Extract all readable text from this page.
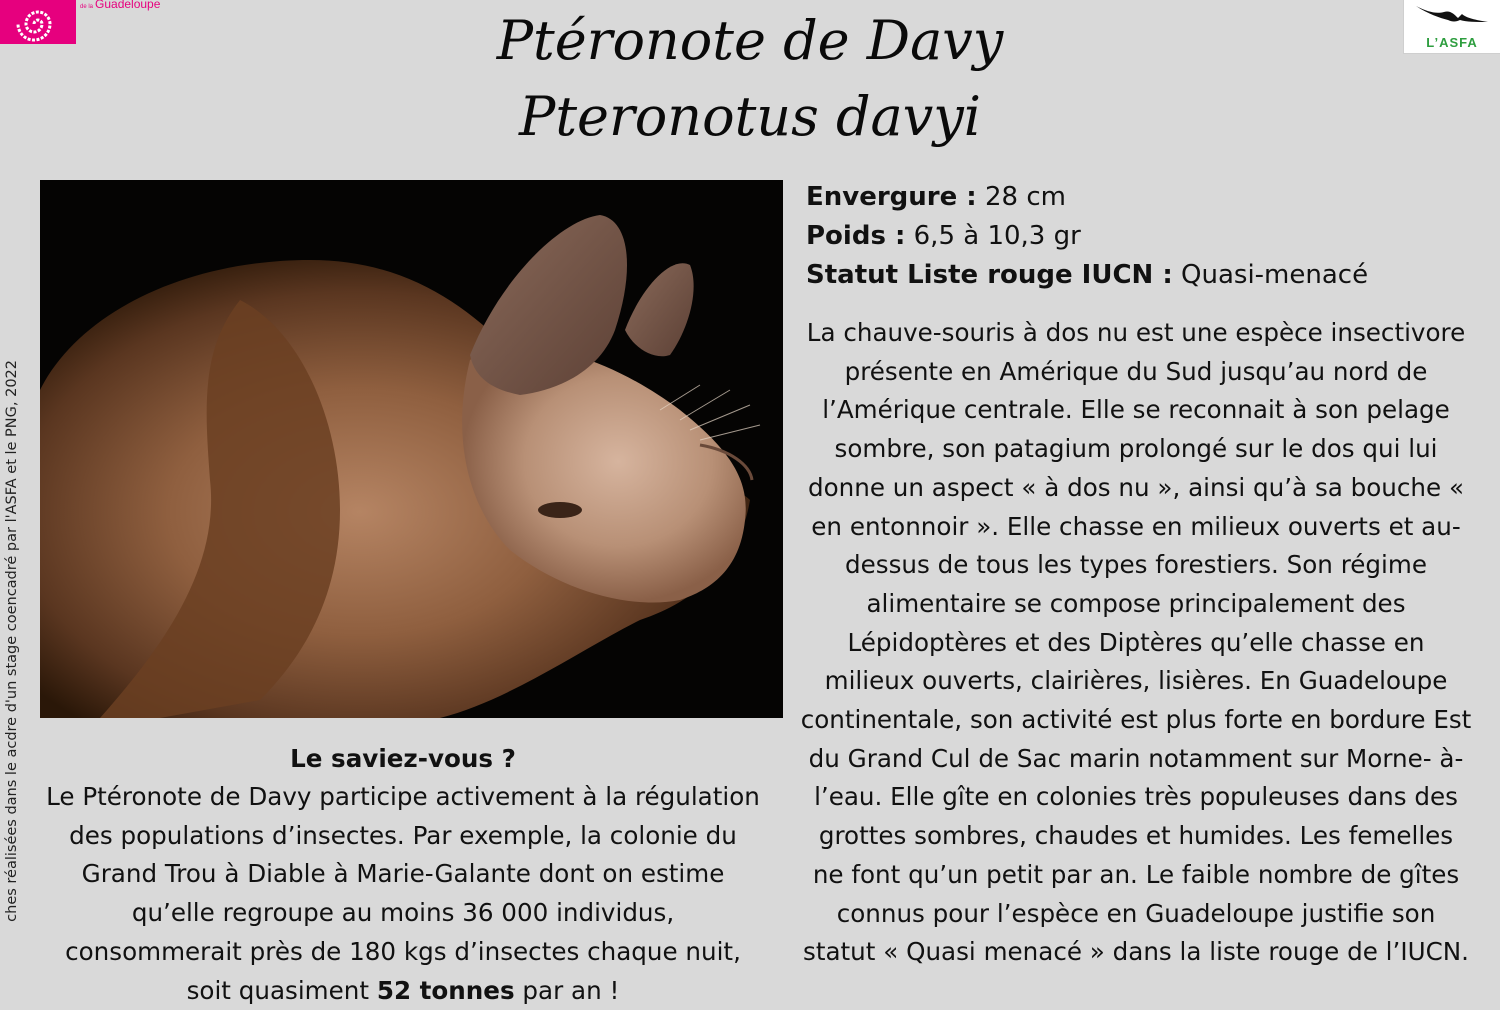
de la Guadeloupe
L’ASFA
Ptéronote de Davy
Pteronotus davyi
Envergure : 28 cm
Poids : 6,5 à 10,3 gr
Statut Liste rouge IUCN : Quasi-menacé

La chauve-souris à dos nu est une espèce insectivore présente en Amérique du Sud jusqu’au nord de l’Amérique centrale. Elle se reconnait à son pelage sombre, son patagium prolongé sur le dos qui lui donne un aspect « à dos nu », ainsi qu’à sa bouche « en entonnoir ». Elle chasse en milieux ouverts et au-dessus de tous les types forestiers. Son régime alimentaire se compose principalement des Lépidoptères et des Diptères qu’elle chasse en milieux ouverts, clairières, lisières. En Guadeloupe continentale, son activité est plus forte en bordure Est du Grand Cul de Sac marin notamment sur Morne- à- l’eau. Elle gîte en colonies très populeuses dans des grottes sombres, chaudes et humides. Les femelles ne font qu’un petit par an. Le faible nombre de gîtes connus pour l’espèce en Guadeloupe justifie son statut « Quasi menacé » dans la liste rouge de l’IUCN.

Le saviez-vous ?

Le Ptéronote de Davy participe activement à la régulation des populations d’insectes. Par exemple, la colonie du Grand Trou à Diable à Marie-Galante dont on estime qu’elle regroupe au moins 36 000 individus, consommerait près de 180 kgs d’insectes chaque nuit, soit quasiment 52 tonnes par an !

ches réalisées dans le acdre d'un stage coencadré par l'ASFA et le PNG, 2022
